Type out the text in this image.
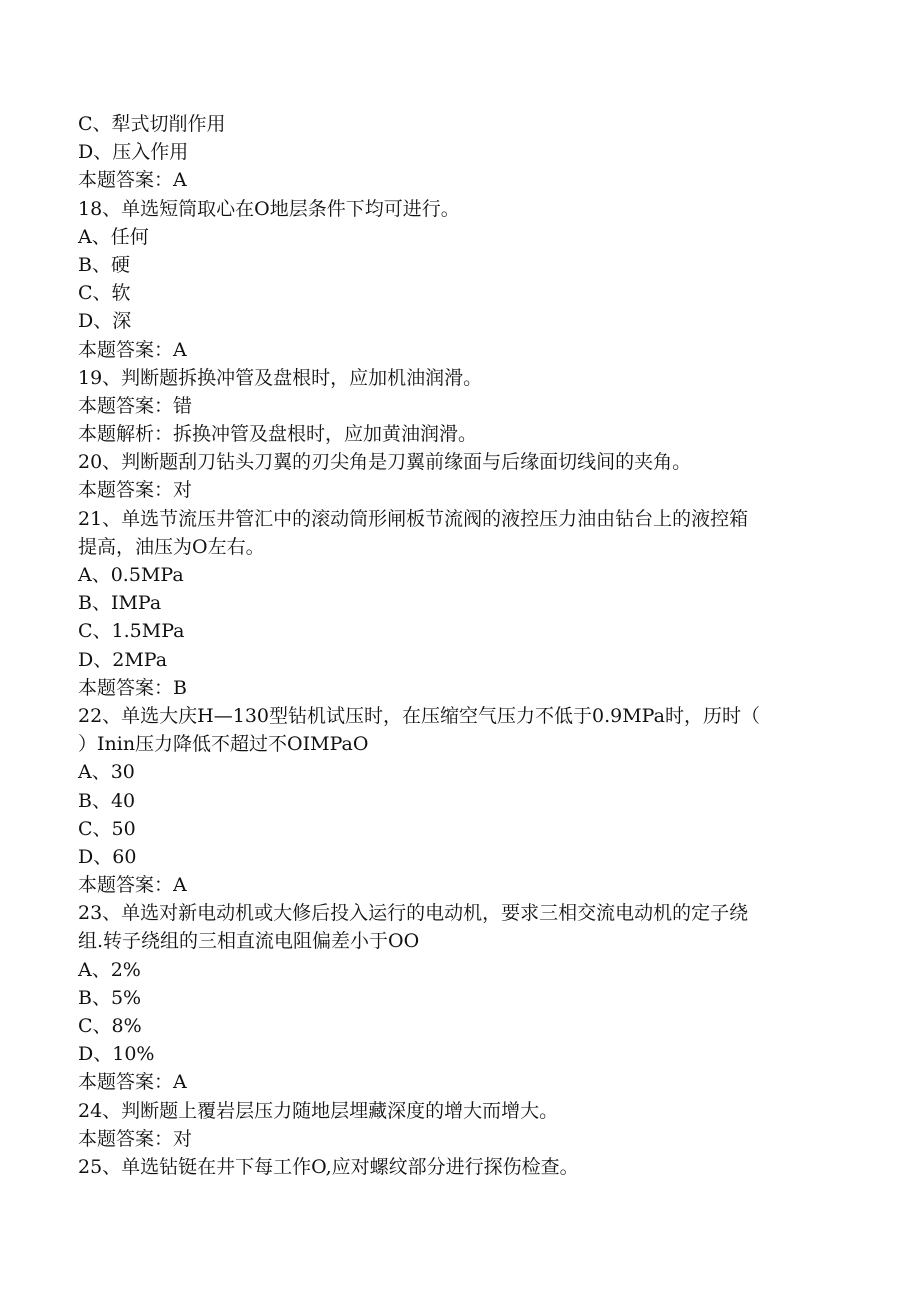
C、犁式切削作用
D、压入作用
本题答案：A
18、单选短筒取心在O地层条件下均可进行。
A、任何
B、硬
C、软
D、深
本题答案：A
19、判断题拆换冲管及盘根时，应加机油润滑。
本题答案：错
本题解析：拆换冲管及盘根时，应加黄油润滑。
20、判断题刮刀钻头刀翼的刃尖角是刀翼前缘面与后缘面切线间的夹角。
本题答案：对
21、单选节流压井管汇中的滚动筒形闸板节流阀的液控压力油由钻台上的液控箱
提高，油压为O左右。
A、0.5MPa
B、IMPa
C、1.5MPa
D、2MPa
本题答案：B
22、单选大庆H—130型钻机试压时，在压缩空气压力不低于0.9MPa时，历时（
）Inin压力降低不超过不OIMPaO
A、30
B、40
C、50
D、60
本题答案：A
23、单选对新电动机或大修后投入运行的电动机，要求三相交流电动机的定子绕
组.转子绕组的三相直流电阻偏差小于OO
A、2%
B、5%
C、8%
D、10%
本题答案：A
24、判断题上覆岩层压力随地层埋藏深度的增大而增大。
本题答案：对
25、单选钻铤在井下每工作O,应对螺纹部分进行探伤检查。
